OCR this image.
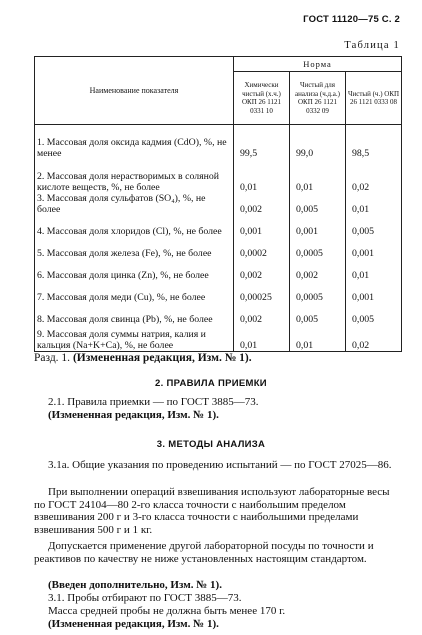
ГОСТ 11120—75 С. 2
Таблица 1
Наименование показателя	Норма		
	Химически чистый (х.ч.) ОКП 26 1121 0331 10	Чистый для анализа (ч.д.а.) ОКП 26 1121 0332 09	Чистый (ч.) ОКП 26 1121 0333 08

1. Массовая доля оксида кадмия (CdO), %, не менее	99,5	99,0	98,5
2. Массовая доля нерастворимых в соляной кислоте веществ, %, не более	0,01	0,01	0,02
3. Массовая доля сульфатов (SO₄), %, не более	0,002	0,005	0,01
4. Массовая доля хлоридов (Cl), %, не более	0,001	0,001	0,005
5. Массовая доля железа (Fe), %, не более	0,0002	0,0005	0,001
6. Массовая доля цинка (Zn), %, не более	0,002	0,002	0,01
7. Массовая доля меди (Cu), %, не более	0,00025	0,0005	0,001
8. Массовая доля свинца (Pb), %, не более	0,002	0,005	0,005
9. Массовая доля суммы натрия, калия и кальция (Na+K+Ca), %, не более	0,01	0,01	0,02
Разд. 1. (Измененная редакция, Изм. № 1).
2. ПРАВИЛА ПРИЕМКИ
2.1. Правила приемки — по ГОСТ 3885—73.
(Измененная редакция, Изм. № 1).
3. МЕТОДЫ АНАЛИЗА
3.1а. Общие указания по проведению испытаний — по ГОСТ 27025—86.
При выполнении операций взвешивания используют лабораторные весы по ГОСТ 24104—80 2-го класса точности с наибольшим пределом взвешивания 200 г и 3-го класса точности с наибольшими пределами взвешивания 500 г и 1 кг.
Допускается применение другой лабораторной посуды по точности и реактивов по качеству не ниже установленных настоящим стандартом.
(Введен дополнительно, Изм. № 1).
3.1. Пробы отбирают по ГОСТ 3885—73.
Масса средней пробы не должна быть менее 170 г.
(Измененная редакция, Изм. № 1).
